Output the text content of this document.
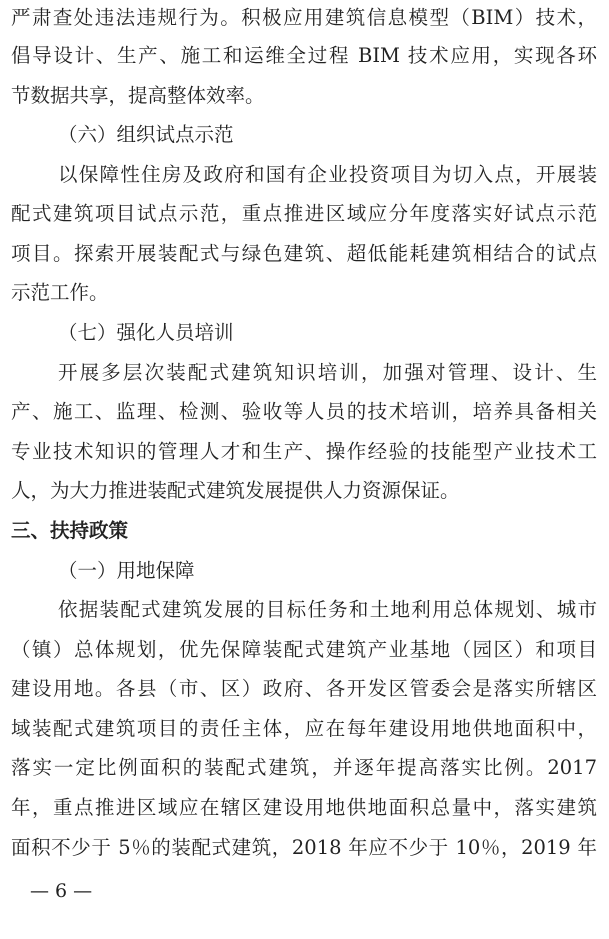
严肃查处违法违规行为。积极应用建筑信息模型（BIM）技术，
倡导设计、生产、施工和运维全过程 BIM 技术应用，实现各环
节数据共享，提高整体效率。
（六）组织试点示范
以保障性住房及政府和国有企业投资项目为切入点，开展装
配式建筑项目试点示范，重点推进区域应分年度落实好试点示范
项目。探索开展装配式与绿色建筑、超低能耗建筑相结合的试点
示范工作。
（七）强化人员培训
开展多层次装配式建筑知识培训，加强对管理、设计、生
产、施工、监理、检测、验收等人员的技术培训，培养具备相关
专业技术知识的管理人才和生产、操作经验的技能型产业技术工
人，为大力推进装配式建筑发展提供人力资源保证。
三、扶持政策
（一）用地保障
依据装配式建筑发展的目标任务和土地利用总体规划、城市
（镇）总体规划，优先保障装配式建筑产业基地（园区）和项目
建设用地。各县（市、区）政府、各开发区管委会是落实所辖区
域装配式建筑项目的责任主体，应在每年建设用地供地面积中，
落实一定比例面积的装配式建筑，并逐年提高落实比例。2017
年，重点推进区域应在辖区建设用地供地面积总量中，落实建筑
面积不少于 5％的装配式建筑，2018 年应不少于 10％，2019 年
— 6 —
